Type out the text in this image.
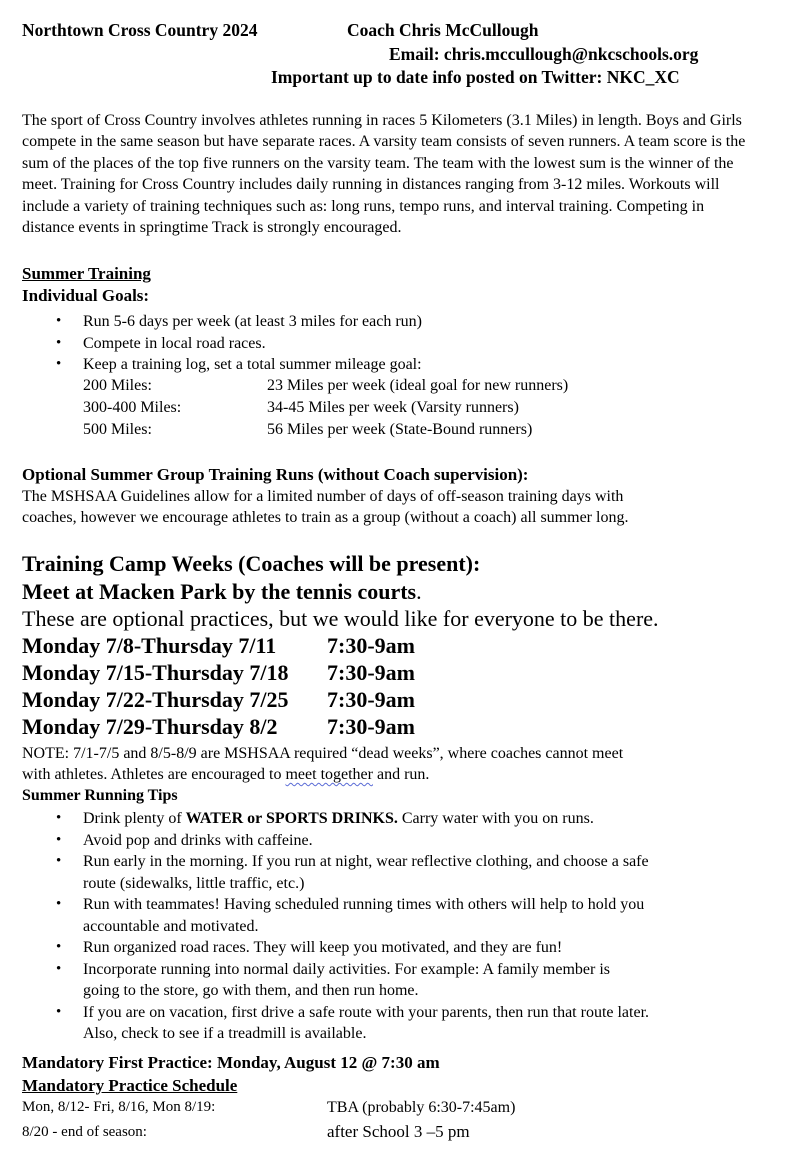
Northtown Cross Country 2024	Coach Chris McCullough
Email: chris.mccullough@nkcschools.org
Important up to date info posted on Twitter: NKC_XC

The sport of Cross Country involves athletes running in races 5 Kilometers (3.1 Miles) in length. Boys and Girls compete in the same season but have separate races. A varsity team consists of seven runners. A team score is the sum of the places of the top five runners on the varsity team. The team with the lowest sum is the winner of the meet. Training for Cross Country includes daily running in distances ranging from 3-12 miles. Workouts will include a variety of training techniques such as: long runs, tempo runs, and interval training. Competing in distance events in springtime Track is strongly encouraged.

Summer Training
Individual Goals:
• Run 5-6 days per week (at least 3 miles for each run)
• Compete in local road races.
• Keep a training log, set a total summer mileage goal:
200 Miles:	23 Miles per week (ideal goal for new runners)
300-400 Miles:	34-45 Miles per week (Varsity runners)
500 Miles:	56 Miles per week (State-Bound runners)
Optional Summer Group Training Runs (without Coach supervision):
The MSHSAA Guidelines allow for a limited number of days of off-season training days with
coaches, however we encourage athletes to train as a group (without a coach) all summer long.
Training Camp Weeks (Coaches will be present):
Meet at Macken Park by the tennis courts.
These are optional practices, but we would like for everyone to be there.
Monday 7/8-Thursday 7/11 7:30-9am
Monday 7/15-Thursday 7/18 7:30-9am
Monday 7/22-Thursday 7/25 7:30-9am
Monday 7/29-Thursday 8/2 7:30-9am
NOTE: 7/1-7/5 and 8/5-8/9 are MSHSAA required “dead weeks”, where coaches cannot meet
with athletes. Athletes are encouraged to meet together and run.
Summer Running Tips
• Drink plenty of WATER or SPORTS DRINKS. Carry water with you on runs.
• Avoid pop and drinks with caffeine.
• Run early in the morning. If you run at night, wear reflective clothing, and choose a safe
route (sidewalks, little traffic, etc.)
• Run with teammates! Having scheduled running times with others will help to hold you
accountable and motivated.
• Run organized road races. They will keep you motivated, and they are fun!
• Incorporate running into normal daily activities. For example: A family member is
going to the store, go with them, and then run home.
• If you are on vacation, first drive a safe route with your parents, then run that route later.
Also, check to see if a treadmill is available.
Mandatory First Practice: Monday, August 12 @ 7:30 am
Mandatory Practice Schedule
Mon, 8/12- Fri, 8/16, Mon 8/19:	TBA (probably 6:30-7:45am)
8/20 - end of season:	after School 3 –5 pm
